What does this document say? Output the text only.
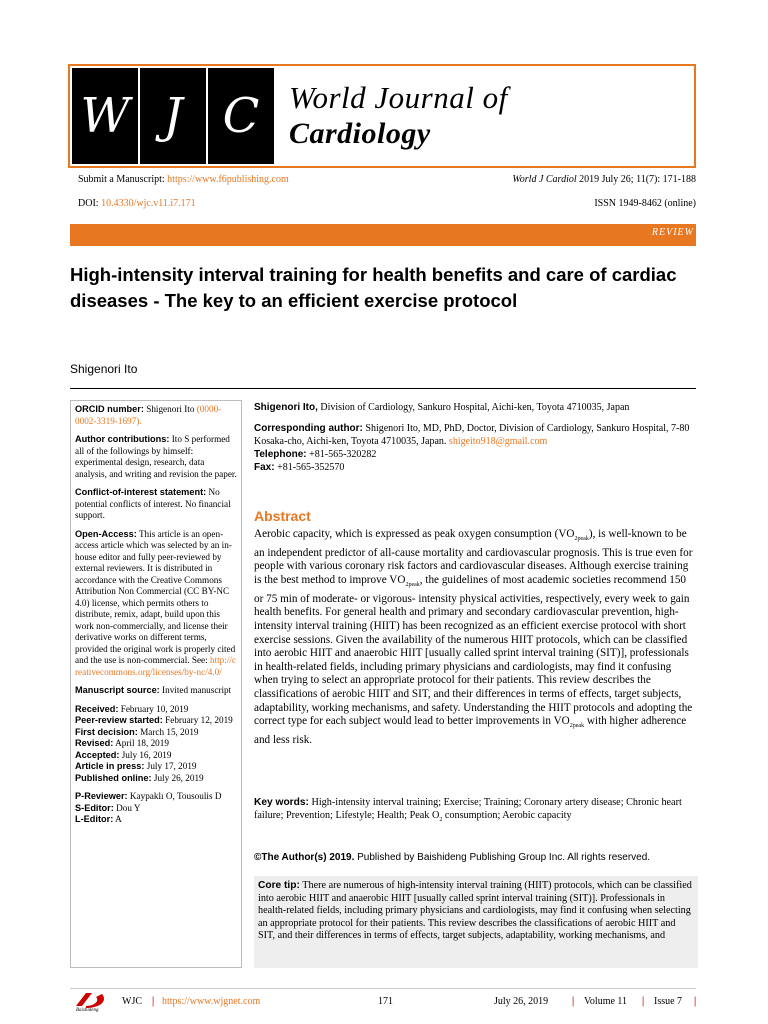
W J C World Journal of
Cardiology
Submit a Manuscript: https://www.f6publishing.com	World J Cardiol 2019 July 26; 11(7): 171-188
DOI: 10.4330/wjc.v11.i7.171	ISSN 1949-8462 (online)
REVIEW
High-intensity interval training for health benefits and care of cardiac diseases - The key to an efficient exercise protocol
Shigenori Ito

ORCID number: Shigenori Ito (0000-0002-3319-1697).

Author contributions: Ito S performed all of the followings by himself: experimental design, research, data analysis, and writing and revision the paper.

Conflict-of-interest statement: No potential conflicts of interest. No financial support.

Open-Access: This article is an open-access article which was selected by an in-house editor and fully peer-reviewed by external reviewers. It is distributed in accordance with the Creative Commons Attribution Non Commercial (CC BY-NC 4.0) license, which permits others to distribute, remix, adapt, build upon this work non-commercially, and license their derivative works on different terms, provided the original work is properly cited and the use is non-commercial. See: http://creativecommons.org/licenses/by-nc/4.0/

Manuscript source: Invited manuscript

Received: February 10, 2019

Peer-review started: February 12, 2019

First decision: March 15, 2019

Revised: April 18, 2019

Accepted: July 16, 2019

Article in press: July 17, 2019

Published online: July 26, 2019

P-Reviewer: Kaypaklı O, Tousoulis D

S-Editor: Dou Y

L-Editor: A

Shigenori Ito, Division of Cardiology, Sankuro Hospital, Aichi-ken, Toyota 4710035, Japan
Corresponding author: Shigenori Ito, MD, PhD, Doctor, Division of Cardiology, Sankuro Hospital, 7-80 Kosaka-cho, Aichi-ken, Toyota 4710035, Japan. shigeito918@gmail.com
Telephone: +81-565-320282
Fax: +81-565-352570
Abstract
Aerobic capacity, which is expressed as peak oxygen consumption $(VO_{2peak})$, is well-known to be an independent predictor of all-cause mortality and cardiovascular prognosis. This is true even for people with various coronary risk factors and cardiovascular diseases. Although exercise training is the best method to improve $VO_{2peak}$, the guidelines of most academic societies recommend 150 or 75 min of moderate- or vigorous- intensity physical activities, respectively, every week to gain health benefits. For general health and primary and secondary cardiovascular prevention, high-intensity interval training (HIIT) has been recognized as an efficient exercise protocol with short exercise sessions. Given the availability of the numerous HIIT protocols, which can be classified into aerobic HIIT and anaerobic HIIT [usually called sprint interval training (SIT)], professionals in health-related fields, including primary physicians and cardiologists, may find it confusing when trying to select an appropriate protocol for their patients. This review describes the classifications of aerobic HIIT and SIT, and their differences in terms of effects, target subjects, adaptability, working mechanisms, and safety. Understanding the HIIT protocols and adopting the correct type for each subject would lead to better improvements in $VO_{2peak}$ with higher adherence and less risk.
Key words: High-intensity interval training; Exercise; Training; Coronary artery disease; Chronic heart failure; Prevention; Lifestyle; Health; Peak $O_2$ consumption; Aerobic capacity
©The Author(s) 2019. Published by Baishideng Publishing Group Inc. All rights reserved.
Core tip: There are numerous of high-intensity interval training (HIIT) protocols, which can be classified into aerobic HIIT and anaerobic HIIT [usually called sprint interval training (SIT)]. Professionals in health-related fields, including primary physicians and cardiologists, may find it confusing when selecting an appropriate protocol for their patients. This review describes the classifications of aerobic HIIT and SIT, and their differences in terms of effects, target subjects, adaptability, working mechanisms, and
Baishideng
WJC | https://www.wjgnet.com	171	July 26, 2019 | Volume 11 | Issue 7 |
